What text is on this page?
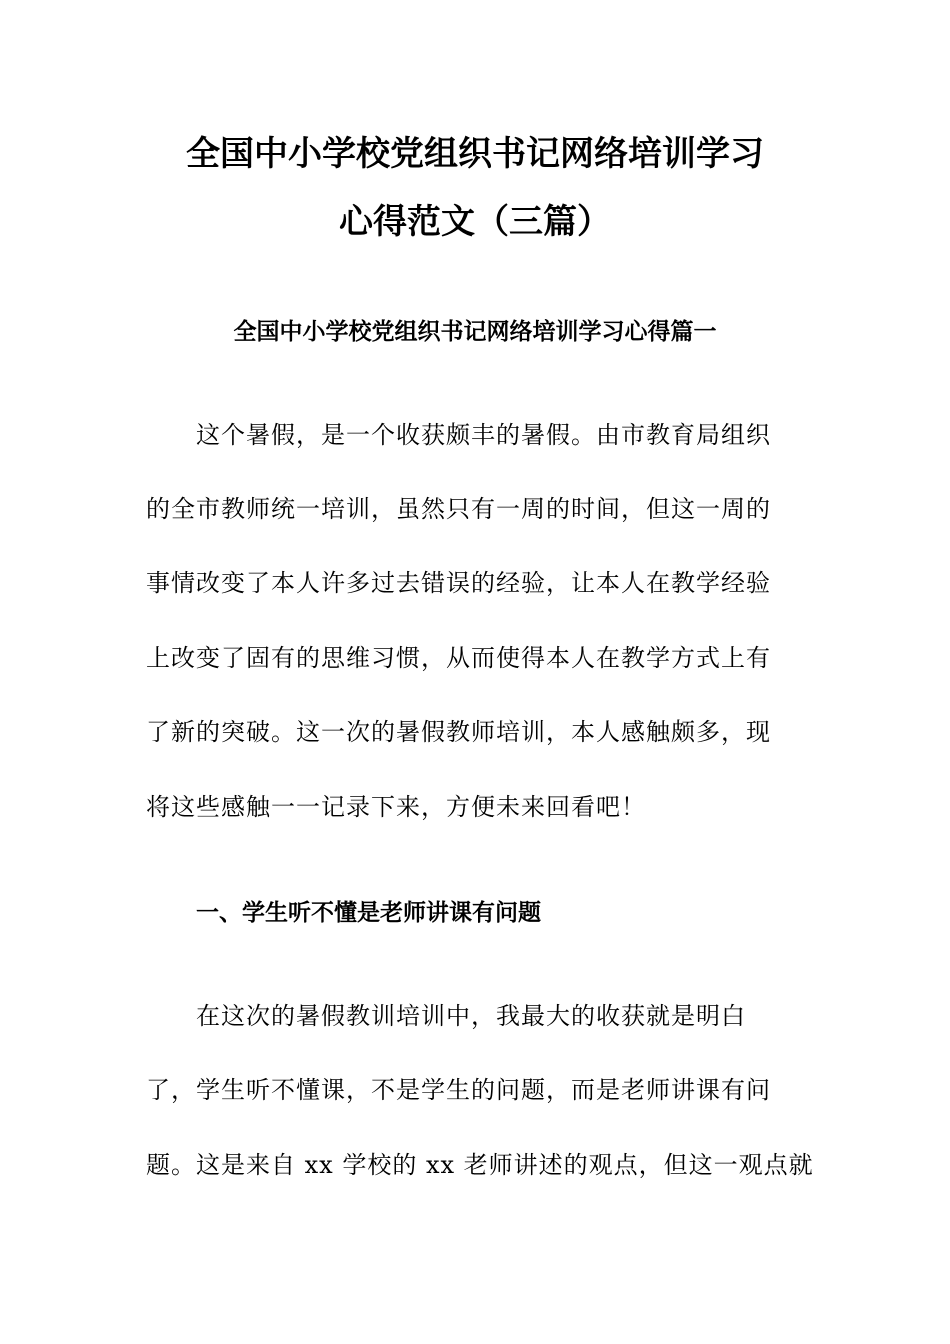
全国中小学校党组织书记网络培训学习
心得范文（三篇）
全国中小学校党组织书记网络培训学习心得篇一
这个暑假，是一个收获颇丰的暑假。由市教育局组织
的全市教师统一培训，虽然只有一周的时间，但这一周的
事情改变了本人许多过去错误的经验，让本人在教学经验
上改变了固有的思维习惯，从而使得本人在教学方式上有
了新的突破。这一次的暑假教师培训，本人感触颇多，现
将这些感触一一记录下来，方便未来回看吧！
一、学生听不懂是老师讲课有问题
在这次的暑假教训培训中，我最大的收获就是明白
了，学生听不懂课，不是学生的问题，而是老师讲课有问
题。这是来自 xx 学校的 xx 老师讲述的观点，但这一观点就
